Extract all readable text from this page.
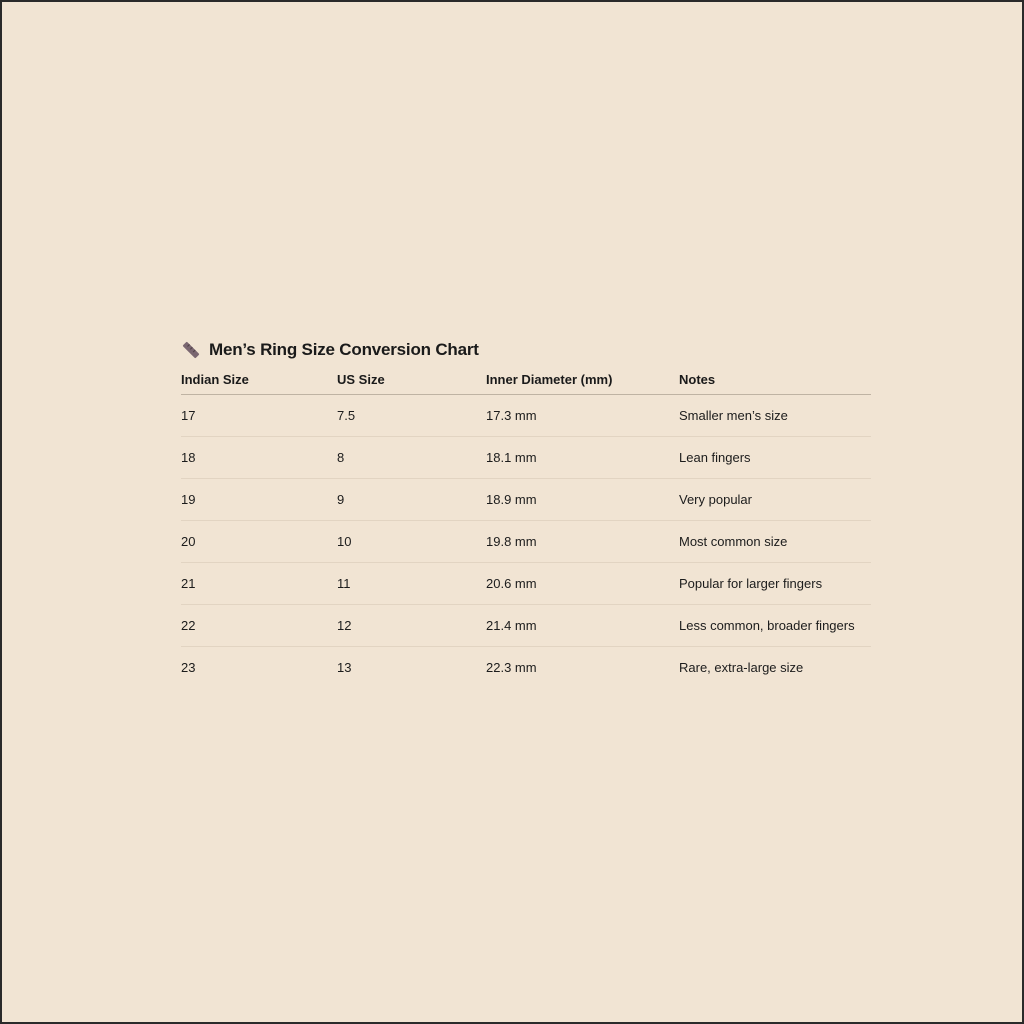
Men’s Ring Size Conversion Chart
Indian Size	US Size	Inner Diameter (mm)	Notes
17	7.5	17.3 mm	Smaller men’s size
18	8	18.1 mm	Lean fingers
19	9	18.9 mm	Very popular
20	10	19.8 mm	Most common size
21	11	20.6 mm	Popular for larger fingers
22	12	21.4 mm	Less common, broader fingers
23	13	22.3 mm	Rare, extra-large size
